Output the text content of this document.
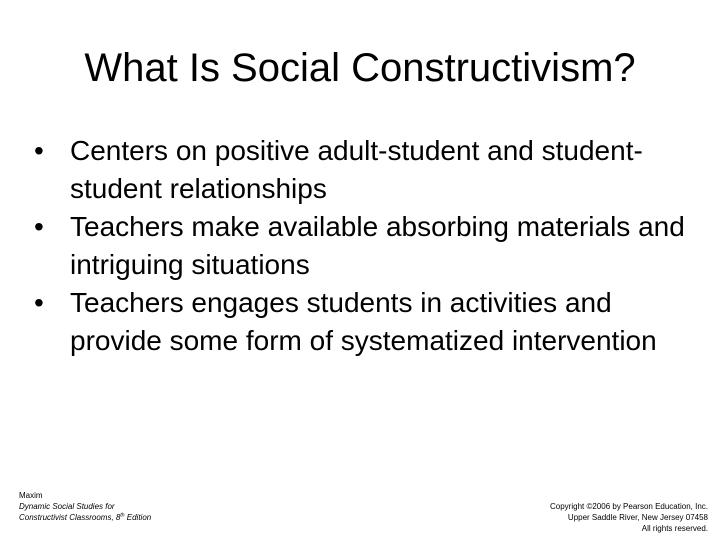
What Is Social Constructivism?
• Centers on positive adult-student and student-student relationships
• Teachers make available absorbing materials and intriguing situations
• Teachers engages students in activities and provide some form of systematized intervention
Maxim
Dynamic Social Studies for
Constructivist Classrooms, 8th Edition
Copyright ©2006 by Pearson Education, Inc.
Upper Saddle River, New Jersey 07458
All rights reserved.
